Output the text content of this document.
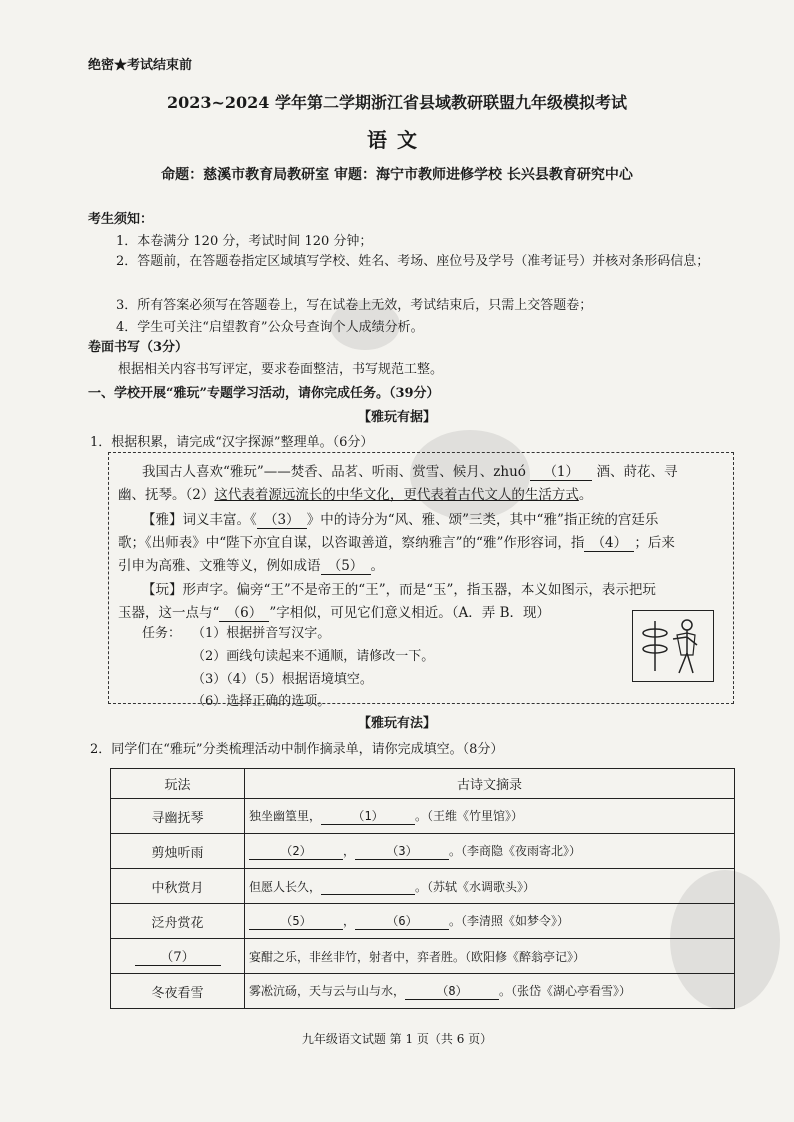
绝密★考试结束前
2023~2024 学年第二学期浙江省县域教研联盟九年级模拟考试
语文
命题：慈溪市教育局教研室 审题：海宁市教师进修学校 长兴县教育研究中心
考生须知：
1．本卷满分 120 分，考试时间 120 分钟；
2．答题前，在答题卷指定区域填写学校、姓名、考场、座位号及学号（准考证号）并核对条形码信息；
3．所有答案必须写在答题卷上，写在试卷上无效，考试结束后，只需上交答题卷；
4．学生可关注“启望教育”公众号查询个人成绩分析。
卷面书写（3分）
根据相关内容书写评定，要求卷面整洁，书写规范工整。
一、学校开展“雅玩”专题学习活动，请你完成任务。（39分）
【雅玩有据】
1．根据积累，请完成“汉字探源”整理单。（6分）
我国古人喜欢“雅玩”——焚香、品茗、听雨、赏雪、候月、zhuó （1） 酒、莳花、寻
幽、抚琴。（2）这代表着源远流长的中华文化，更代表着古代文人的生活方式。
【雅】词义丰富。《 （3） 》中的诗分为“风、雅、颂”三类，其中“雅”指正统的宫廷乐
歌；《出师表》中“陛下亦宜自谋，以咨诹善道，察纳雅言”的“雅”作形容词，指 （4） ；后来
引申为高雅、文雅等义，例如成语 （5） 。
【玩】形声字。偏旁“王”不是帝王的“王”，而是“玉”，指玉器，本义如图示，表示把玩
玉器，这一点与“ （6） ”字相似，可见它们意义相近。（A．弄 B．现）
任务： （1）根据拼音写汉字。
（2）画线句读起来不通顺，请修改一下。
（3）（4）（5）根据语境填空。
（6）选择正确的选项。
【雅玩有法】
2．同学们在“雅玩”分类梳理活动中制作摘录单，请你完成填空。（8分）
玩法	古诗文摘录
寻幽抚琴	独坐幽篁里， （1） 。（王维《竹里馆》）
剪烛听雨	（2） ， （3） 。（李商隐《夜雨寄北》）
中秋赏月	但愿人长久， 。（苏轼《水调歌头》）
泛舟赏花	（5） ， （6） 。（李清照《如梦令》）
（7）	宴酣之乐，非丝非竹，射者中，弈者胜。（欧阳修《醉翁亭记》）
冬夜看雪	雾凇沆砀，天与云与山与水， （8） 。（张岱《湖心亭看雪》）
九年级语文试题 第 1 页（共 6 页）
